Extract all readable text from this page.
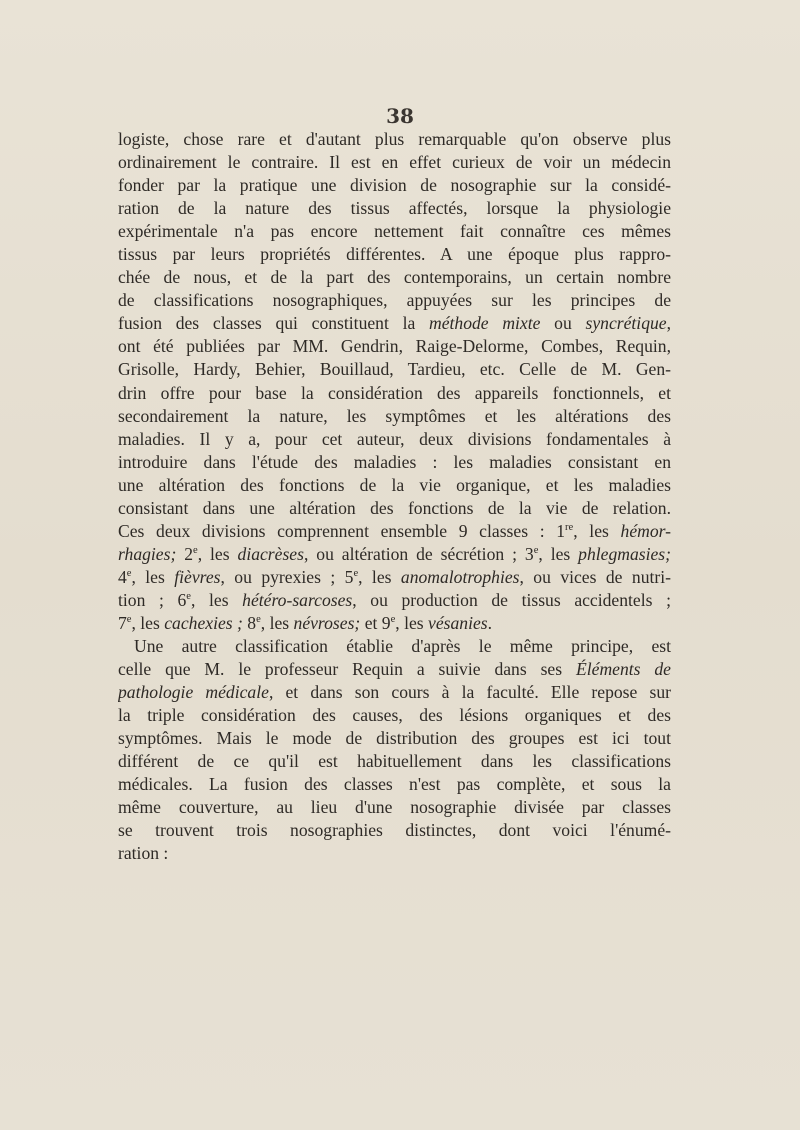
38
logiste, chose rare et d'autant plus remarquable qu'on observe plus
ordinairement le contraire. Il est en effet curieux de voir un médecin
fonder par la pratique une division de nosographie sur la considé-
ration de la nature des tissus affectés, lorsque la physiologie
expérimentale n'a pas encore nettement fait connaître ces mêmes
tissus par leurs propriétés différentes. A une époque plus rappro-
chée de nous, et de la part des contemporains, un certain nombre
de classifications nosographiques, appuyées sur les principes de
fusion des classes qui constituent la méthode mixte ou syncrétique,
ont été publiées par MM. Gendrin, Raige-Delorme, Combes, Requin,
Grisolle, Hardy, Behier, Bouillaud, Tardieu, etc. Celle de M. Gen-
drin offre pour base la considération des appareils fonctionnels, et
secondairement la nature, les symptômes et les altérations des
maladies. Il y a, pour cet auteur, deux divisions fondamentales à
introduire dans l'étude des maladies : les maladies consistant en
une altération des fonctions de la vie organique, et les maladies
consistant dans une altération des fonctions de la vie de relation.
Ces deux divisions comprennent ensemble 9 classes : 1re, les hémor-
rhagies; 2e, les diacrèses, ou altération de sécrétion ; 3e, les phlegmasies;
4e, les fièvres, ou pyrexies ; 5e, les anomalotrophies, ou vices de nutri-
tion ; 6e, les hétéro-sarcoses, ou production de tissus accidentels ;
7e, les cachexies ; 8e, les névroses; et 9e, les vésanies.
Une autre classification établie d'après le même principe, est
celle que M. le professeur Requin a suivie dans ses Éléments de
pathologie médicale, et dans son cours à la faculté. Elle repose sur
la triple considération des causes, des lésions organiques et des
symptômes. Mais le mode de distribution des groupes est ici tout
différent de ce qu'il est habituellement dans les classifications
médicales. La fusion des classes n'est pas complète, et sous la
même couverture, au lieu d'une nosographie divisée par classes
se trouvent trois nosographies distinctes, dont voici l'énumé-
ration :
